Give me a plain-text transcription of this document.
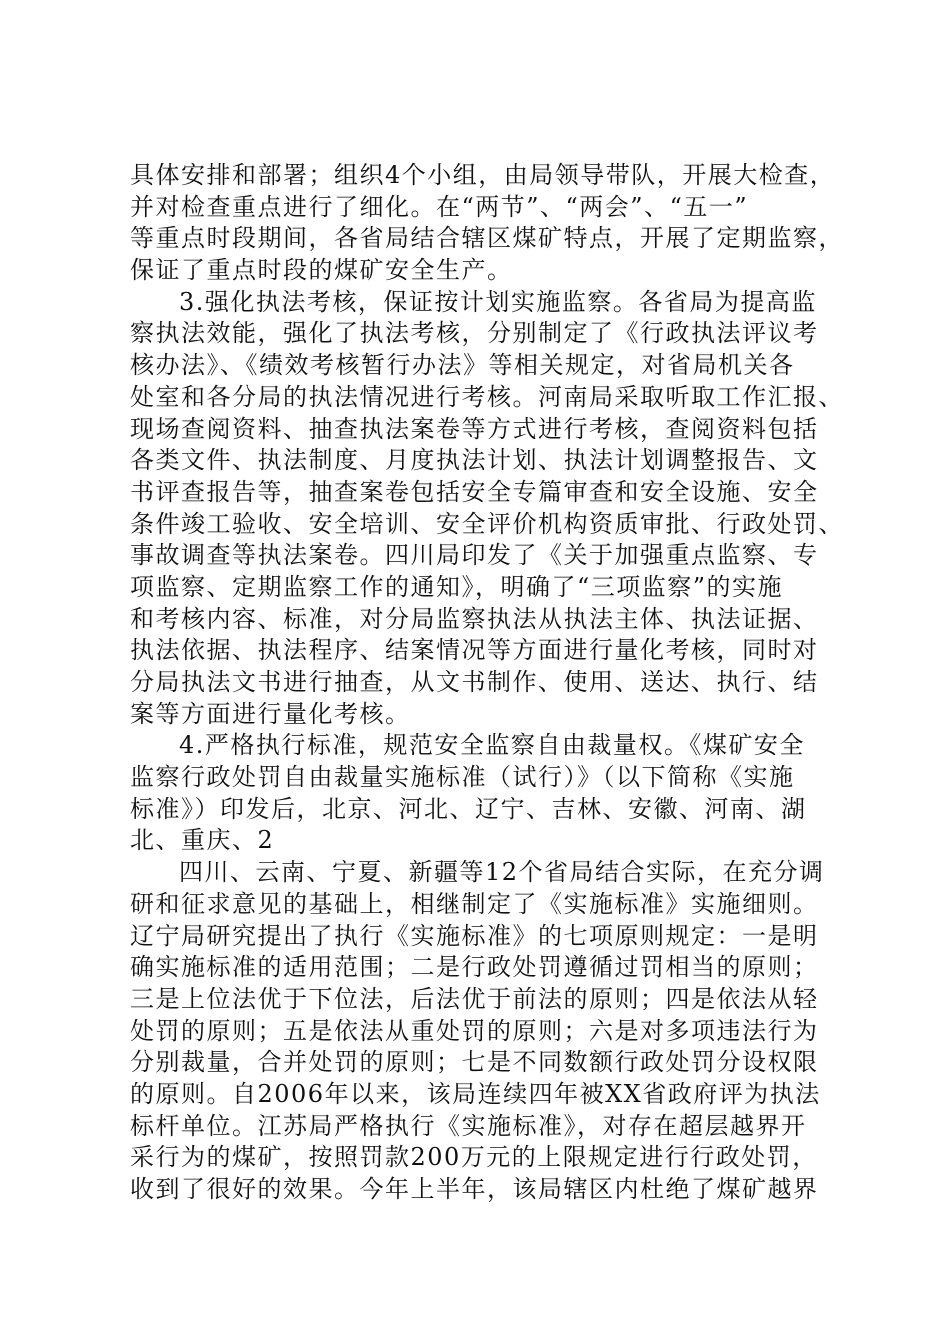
具体安排和部署；组织4个小组，由局领导带队，开展大检查，
并对检查重点进行了细化。在“两节”、“两会”、“五一”
等重点时段期间，各省局结合辖区煤矿特点，开展了定期监察，
保证了重点时段的煤矿安全生产。
3.强化执法考核，保证按计划实施监察。各省局为提高监
察执法效能，强化了执法考核，分别制定了《行政执法评议考
核办法》、《绩效考核暂行办法》等相关规定，对省局机关各
处室和各分局的执法情况进行考核。河南局采取听取工作汇报、
现场查阅资料、抽查执法案卷等方式进行考核，查阅资料包括
各类文件、执法制度、月度执法计划、执法计划调整报告、文
书评查报告等，抽查案卷包括安全专篇审查和安全设施、安全
条件竣工验收、安全培训、安全评价机构资质审批、行政处罚、
事故调查等执法案卷。四川局印发了《关于加强重点监察、专
项监察、定期监察工作的通知》，明确了“三项监察”的实施
和考核内容、标准，对分局监察执法从执法主体、执法证据、
执法依据、执法程序、结案情况等方面进行量化考核，同时对
分局执法文书进行抽查，从文书制作、使用、送达、执行、结
案等方面进行量化考核。
4.严格执行标准，规范安全监察自由裁量权。《煤矿安全
监察行政处罚自由裁量实施标准（试行）》（以下简称《实施
标准》）印发后，北京、河北、辽宁、吉林、安徽、河南、湖
北、重庆、2
四川、云南、宁夏、新疆等12个省局结合实际，在充分调
研和征求意见的基础上，相继制定了《实施标准》实施细则。
辽宁局研究提出了执行《实施标准》的七项原则规定：一是明
确实施标准的适用范围；二是行政处罚遵循过罚相当的原则；
三是上位法优于下位法，后法优于前法的原则；四是依法从轻
处罚的原则；五是依法从重处罚的原则；六是对多项违法行为
分别裁量，合并处罚的原则；七是不同数额行政处罚分设权限
的原则。自2006年以来，该局连续四年被XX省政府评为执法
标杆单位。江苏局严格执行《实施标准》，对存在超层越界开
采行为的煤矿，按照罚款200万元的上限规定进行行政处罚，
收到了很好的效果。今年上半年，该局辖区内杜绝了煤矿越界
